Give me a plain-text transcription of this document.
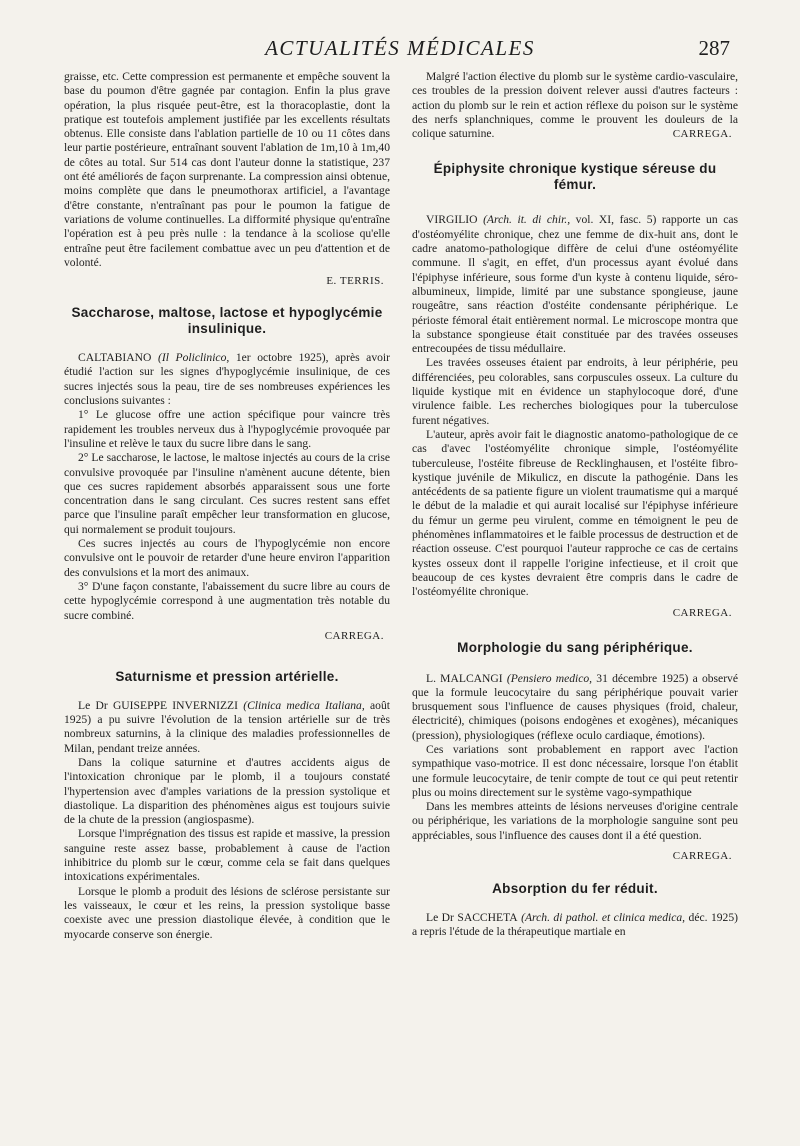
ACTUALITÉS MÉDICALES	287

graisse, etc. Cette compression est permanente et empêche souvent la base du poumon d'être gagnée par contagion. Enfin la plus grave opération, la plus risquée peut-être, est la thoracoplastie, dont la pratique est toutefois amplement justifiée par les excellents résultats obtenus. Elle consiste dans l'ablation partielle de 10 ou 11 côtes dans leur partie postérieure, entraînant souvent l'ablation de 1m,10 à 1m,40 de côtes au total. Sur 514 cas dont l'auteur donne la statistique, 237 ont été améliorés de façon surprenante. La compression ainsi obtenue, moins complète que dans le pneumothorax artificiel, a l'avantage d'être constante, n'entraînant pas pour le poumon la fatigue de variations de volume continuelles. La difformité physique qu'entraîne l'opération est à peu près nulle : la tendance à la scoliose qu'elle entraîne peut être facilement combattue avec un peu d'attention et de volonté.

E. TERRIS.
Saccharose, maltose, lactose et hypoglycémie insulinique.

CALTABIANO (Il Policlinico, 1er octobre 1925), après avoir étudié l'action sur les signes d'hypoglycémie insulinique, de ces sucres injectés sous la peau, tire de ses nombreuses expériences les conclusions suivantes :

1° Le glucose offre une action spécifique pour vaincre très rapidement les troubles nerveux dus à l'hypoglycémie provoquée par l'insuline et relève le taux du sucre libre dans le sang.

2° Le saccharose, le lactose, le maltose injectés au cours de la crise convulsive provoquée par l'insuline n'amènent aucune détente, bien que ces sucres rapidement absorbés apparaissent sous une forte concentration dans le sang circulant. Ces sucres restent sans effet parce que l'insuline paraît empêcher leur transformation en glucose, qui normalement se produit toujours.

Ces sucres injectés au cours de l'hypoglycémie non encore convulsive ont le pouvoir de retarder d'une heure environ l'apparition des convulsions et la mort des animaux.

3° D'une façon constante, l'abaissement du sucre libre au cours de cette hypoglycémie correspond à une augmentation très notable du sucre combiné.

CARREGA.
Saturnisme et pression artérielle.

Le Dr GUISEPPE INVERNIZZI (Clinica medica Italiana, août 1925) a pu suivre l'évolution de la tension artérielle sur de très nombreux saturnins, à la clinique des maladies professionnelles de Milan, pendant treize années.

Dans la colique saturnine et d'autres accidents aigus de l'intoxication chronique par le plomb, il a toujours constaté l'hypertension avec d'amples variations de la pression systolique et diastolique. La disparition des phénomènes aigus est toujours suivie de la chute de la pression (angiospasme).

Lorsque l'imprégnation des tissus est rapide et massive, la pression sanguine reste assez basse, probablement à cause de l'action inhibitrice du plomb sur le cœur, comme cela se fait dans quelques intoxications expérimentales.

Lorsque le plomb a produit des lésions de sclérose persistante sur les vaisseaux, le cœur et les reins, la pression systolique basse coexiste avec une pression diastolique élevée, à condition que le myocarde conserve son énergie.

Malgré l'action élective du plomb sur le système cardio-vasculaire, ces troubles de la pression doivent relever aussi d'autres facteurs : action du plomb sur le rein et action réflexe du poison sur le système des nerfs splanchniques, comme le prouvent les douleurs de la colique saturnine.	CARREGA.
Épiphysite chronique kystique séreuse du fémur.

VIRGILIO (Arch. it. di chir., vol. XI, fasc. 5) rapporte un cas d'ostéomyélite chronique, chez une femme de dix-huit ans, dont le cadre anatomo-pathologique diffère de celui d'une ostéomyélite commune. Il s'agit, en effet, d'un processus ayant évolué dans l'épiphyse inférieure, sous forme d'un kyste à contenu liquide, séro-albumineux, limpide, limité par une substance spongieuse, jaune rougeâtre, sans réaction d'ostéite condensante périphérique. Le périoste fémoral était entièrement normal. Le microscope montra que la substance spongieuse était constituée par des travées osseuses entrecoupées de tissu médullaire.

Les travées osseuses étaient par endroits, à leur périphérie, peu différenciées, peu colorables, sans corpuscules osseux. La culture du liquide kystique mit en évidence un staphylocoque doré, d'une virulence faible. Les recherches biologiques pour la tuberculose furent négatives.

L'auteur, après avoir fait le diagnostic anatomo-pathologique de ce cas d'avec l'ostéomyélite chronique simple, l'ostéomyélite tuberculeuse, l'ostéite fibreuse de Recklinghausen, et l'ostéite fibro-kystique juvénile de Mikulicz, en discute la pathogénie. Dans les antécédents de sa patiente figure un violent traumatisme qui a marqué le début de la maladie et qui aurait localisé sur l'épiphyse inférieure du fémur un germe peu virulent, comme en témoignent le peu de phénomènes inflammatoires et le faible processus de destruction et de réaction osseuse. C'est pourquoi l'auteur rapproche ce cas de certains kystes osseux dont il rappelle l'origine infectieuse, et il croit que beaucoup de ces kystes devraient être compris dans le cadre de l'ostéomyélite chronique.

CARREGA.
Morphologie du sang périphérique.

L. MALCANGI (Pensiero medico, 31 décembre 1925) a observé que la formule leucocytaire du sang périphérique pouvait varier brusquement sous l'influence de causes physiques (froid, chaleur, électricité), chimiques (poisons endogènes et exogènes), mécaniques (pression), physiologiques (réflexe oculo cardiaque, émotions).

Ces variations sont probablement en rapport avec l'action sympathique vaso-motrice. Il est donc nécessaire, lorsque l'on établit une formule leucocytaire, de tenir compte de tout ce qui peut retentir plus ou moins directement sur le système vago-sympathique

Dans les membres atteints de lésions nerveuses d'origine centrale ou périphérique, les variations de la morphologie sanguine sont peu appréciables, sous l'influence des causes dont il a été question.

CARREGA.
Absorption du fer réduit.

Le Dr SACCHETA (Arch. di pathol. et clinica medica, déc. 1925) a repris l'étude de la thérapeutique martiale en
